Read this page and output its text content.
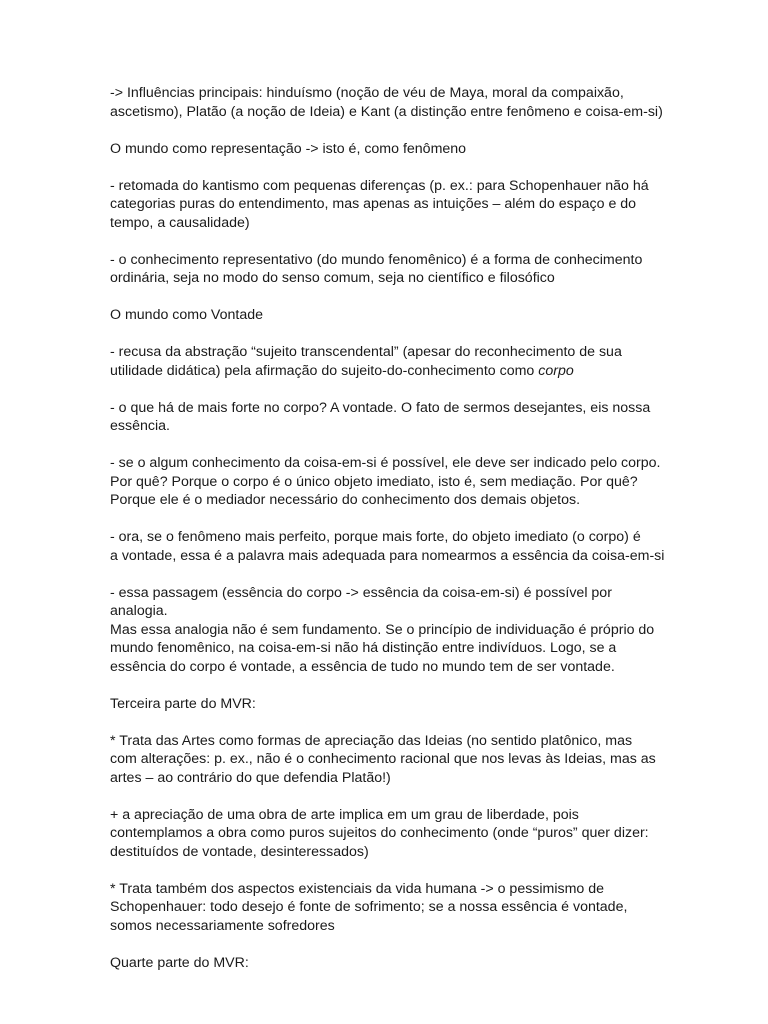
-> Influências principais: hinduísmo (noção de véu de Maya, moral da compaixão,
ascetismo), Platão (a noção de Ideia) e Kant (a distinção entre fenômeno e coisa-em-si)
O mundo como representação -> isto é, como fenômeno
- retomada do kantismo com pequenas diferenças (p. ex.: para Schopenhauer não há
categorias puras do entendimento, mas apenas as intuições – além do espaço e do
tempo, a causalidade)
- o conhecimento representativo (do mundo fenomênico) é a forma de conhecimento
ordinária, seja no modo do senso comum, seja no científico e filosófico
O mundo como Vontade
- recusa da abstração “sujeito transcendental” (apesar do reconhecimento de sua
utilidade didática) pela afirmação do sujeito-do-conhecimento como corpo
- o que há de mais forte no corpo? A vontade. O fato de sermos desejantes, eis nossa
essência.
- se o algum conhecimento da coisa-em-si é possível, ele deve ser indicado pelo corpo.
Por quê? Porque o corpo é o único objeto imediato, isto é, sem mediação. Por quê?
Porque ele é o mediador necessário do conhecimento dos demais objetos.
- ora, se o fenômeno mais perfeito, porque mais forte, do objeto imediato (o corpo) é
a vontade, essa é a palavra mais adequada para nomearmos a essência da coisa-em-si
- essa passagem (essência do corpo -> essência da coisa-em-si) é possível por analogia.
Mas essa analogia não é sem fundamento. Se o princípio de individuação é próprio do
mundo fenomênico, na coisa-em-si não há distinção entre indivíduos. Logo, se a
essência do corpo é vontade, a essência de tudo no mundo tem de ser vontade.
Terceira parte do MVR:
* Trata das Artes como formas de apreciação das Ideias (no sentido platônico, mas
com alterações: p. ex., não é o conhecimento racional que nos levas às Ideias, mas as
artes – ao contrário do que defendia Platão!)
+ a apreciação de uma obra de arte implica em um grau de liberdade, pois
contemplamos a obra como puros sujeitos do conhecimento (onde “puros” quer dizer:
destituídos de vontade, desinteressados)
* Trata também dos aspectos existenciais da vida humana -> o pessimismo de
Schopenhauer: todo desejo é fonte de sofrimento; se a nossa essência é vontade,
somos necessariamente sofredores
Quarte parte do MVR:
